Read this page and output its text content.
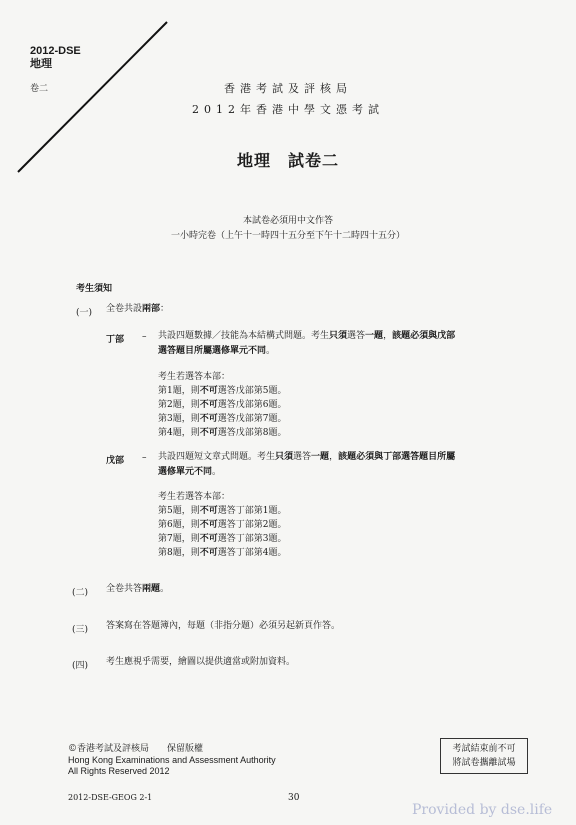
2012-DSE
地理
卷二	香港考試及評核局
2012年香港中學文憑考試
地理　試卷二
本試卷必須用中文作答
一小時完卷（上午十一時四十五分至下午十二時四十五分）
考生須知
(一) 全卷共設兩部：
丁部 – 共設四題數據／技能為本結構式問題。考生只須選答一題，該題必須與戊部
選答題目所屬選修單元不同。
考生若選答本部：
第1題，則不可選答戊部第5題。
第2題，則不可選答戊部第6題。
第3題，則不可選答戊部第7題。
第4題，則不可選答戊部第8題。
戊部 – 共設四題短文章式問題。考生只須選答一題，該題必須與丁部選答題目所屬
選修單元不同。
考生若選答本部：
第5題，則不可選答丁部第1題。
第6題，則不可選答丁部第2題。
第7題，則不可選答丁部第3題。
第8題，則不可選答丁部第4題。
(二) 全卷共答兩題。
(三) 答案寫在答題簿內，每題（非指分題）必須另起新頁作答。
(四) 考生應視乎需要，繪圖以提供適當或附加資料。
©香港考試及評核局　　保留版權
Hong Kong Examinations and Assessment Authority
All Rights Reserved 2012
考試結束前不可
將試卷攜離試場
2012-DSE-GEOG 2-1	30
Provided by dse.life
